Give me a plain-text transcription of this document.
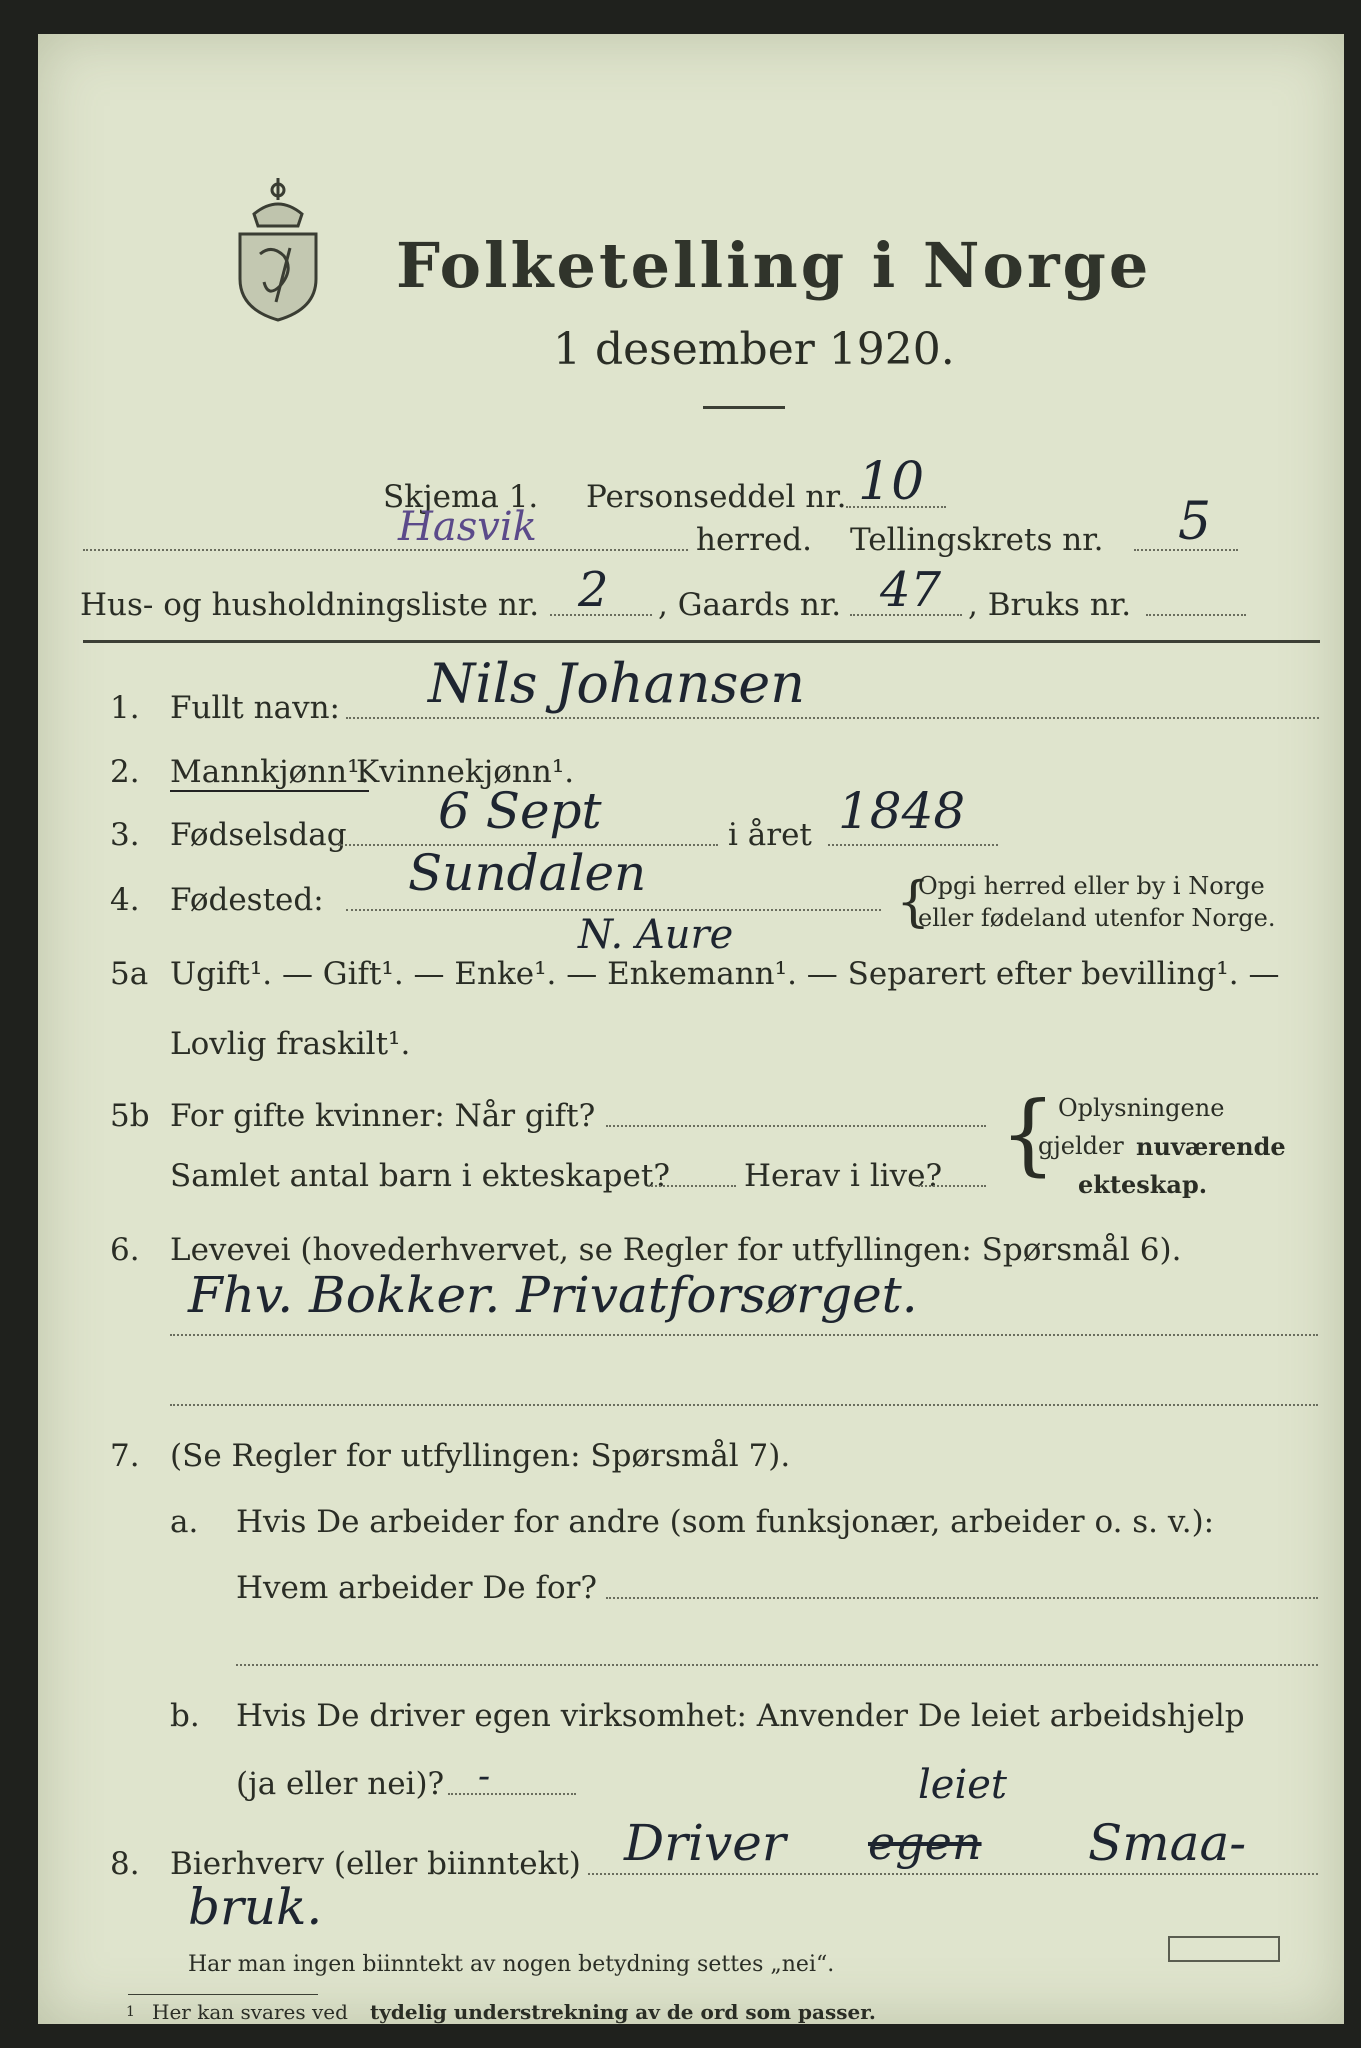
Folketelling i Norge
1 desember 1920.
Skjema 1. Personseddel nr. 10
Hasvik	herred. Tellingskrets nr. 5
Hus- og husholdningsliste nr. 2 , Gaards nr. 47 , Bruks nr.
1. Fullt navn: Nils Johansen
2. Mannkjønn¹.
Kvinnekjønn¹.
3. Fødselsdag 6 Sept	i året 1848
4. Fødested: Sundalen
N. Aure
{
Opgi herred eller by i Norge
eller fødeland utenfor Norge.
5a Ugift¹. — Gift¹. — Enke¹. — Enkemann¹. — Separert efter bevilling¹. —
Lovlig fraskilt¹.
5b For gifte kvinner: Når gift?
Samlet antal barn i ekteskapet? Herav i live? { Oplysningene
gjelder nuværende
ekteskap.
6. Levevei (hovederhvervet, se Regler for utfyllingen: Spørsmål 6).
Fhv. Bokker. Privatforsørget.
7. (Se Regler for utfyllingen: Spørsmål 7).
a. Hvis De arbeider for andre (som funksjonær, arbeider o. s. v.):
Hvem arbeider De for?
b. Hvis De driver egen virksomhet: Anvender De leiet arbeidshjelp
(ja eller nei)? -
8. Bierhverv (eller biinntekt) Driver egen
leiet
Smaa-
bruk.
Har man ingen biinntekt av nogen betydning settes „nei“.
1 Her kan svares ved tydelig understrekning av de ord som passer.
